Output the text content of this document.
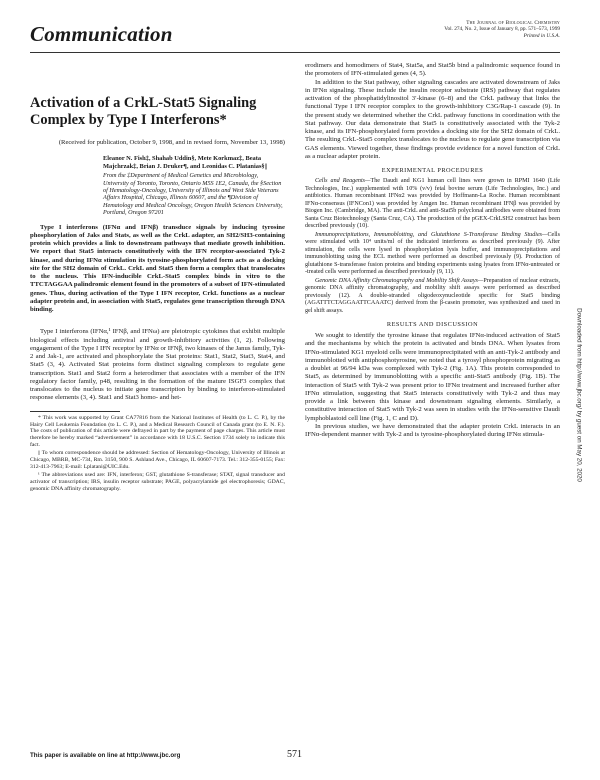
Communication	The Journal of Biological Chemistry
Vol. 274, No. 2, Issue of January 8, pp. 571–573, 1999
Printed in U.S.A.
Activation of a CrkL-Stat5 Signaling Complex by Type I Interferons*
(Received for publication, October 9, 1998, and in revised form, November 13, 1998)
Eleanor N. Fish‡, Shahab Uddin§, Mete Korkmaz‡, Beata Majchrzak‡, Brian J. Druker¶, and Leonidas C. Platanias§||
From the ‡Department of Medical Genetics and Microbiology, University of Toronto, Toronto, Ontario M5S 1E2, Canada, the §Section of Hematology-Oncology, University of Illinois and West Side Veterans Affairs Hospital, Chicago, Illinois 60607, and the ¶Division of Hematology and Medical Oncology, Oregon Health Sciences University, Portland, Oregon 97201

Type I interferons (IFNα and IFNβ) transduce signals by inducing tyrosine phosphorylation of Jaks and Stats, as well as the CrkL adapter, an SH2/SH3-containing protein which provides a link to downstream pathways that mediate growth inhibition. We report that Stat5 interacts constitutively with the IFN receptor-associated Tyk-2 kinase, and during IFNα stimulation its tyrosine-phosphorylated form acts as a docking site for the SH2 domain of CrkL. CrkL and Stat5 then form a complex that translocates to the nucleus. This IFN-inducible CrkL-Stat5 complex binds in vitro to the TTCTAGGAA palindromic element found in the promoters of a subset of IFN-stimulated genes. Thus, during activation of the Type I IFN receptor, CrkL functions as a nuclear adapter protein and, in association with Stat5, regulates gene transcription through DNA binding.

Type I interferons (IFNα,¹ IFNβ, and IFNω) are pleiotropic cytokines that exhibit multiple biological effects including antiviral and growth-inhibitory activities (1, 2). Following engagement of the Type I IFN receptor by IFNα or IFNβ, two kinases of the Janus family, Tyk-2 and Jak-1, are activated and phosphorylate the Stat proteins: Stat1, Stat2, Stat3, Stat4, and Stat5 (3, 4). Activated Stat proteins form distinct signaling complexes to regulate gene transcription. Stat1 and Stat2 form a heterodimer that associates with a member of the IFN regulatory factor family, p48, resulting in the formation of the mature ISGF3 complex that translocates to the nucleus to initiate gene transcription by binding to interferon-stimulated response elements (3, 4). Stat1 and Stat3 homo- and het-

* This work was supported by Grant CA77816 from the National Institutes of Health (to L. C. P.), by the Hairy Cell Leukemia Foundation (to L. C. P.), and a Medical Research Council of Canada grant (to E. N. F.). The costs of publication of this article were defrayed in part by the payment of page charges. This article must therefore be hereby marked “advertisement” in accordance with 18 U.S.C. Section 1734 solely to indicate this fact.

|| To whom correspondence should be addressed: Section of Hematology-Oncology, University of Illinois at Chicago, MBRB, MC-734, Rm. 3150, 900 S. Ashland Ave., Chicago, IL 60607-7173. Tel.: 312-355-0155; Fax: 312-413-7963; E-mail: Lplatani@UIC.Edu.

¹ The abbreviations used are: IFN, interferon; GST, glutathione S-transferase; STAT, signal transducer and activator of transcription; IRS, insulin receptor substrate; PAGE, polyacrylamide gel electrophoresis; GDAC, genomic DNA affinity chromatography.

erodimers and homodimers of Stat4, Stat5a, and Stat5b bind a palindromic sequence found in the promoters of IFN-stimulated genes (4, 5).

In addition to the Stat pathway, other signaling cascades are activated downstream of Jaks in IFNα signaling. These include the insulin receptor substrate (IRS) pathway that regulates activation of the phosphatidylinositol 3′-kinase (6–8) and the CrkL pathway that links the functional Type I IFN receptor complex to the growth-inhibitory C3G/Rap-1 cascade (9). In the present study we determined whether the CrkL pathway functions in coordination with the Stat pathway. Our data demonstrate that Stat5 is constitutively associated with the Tyk-2 kinase, and its IFN-phosphorylated form provides a docking site for the SH2 domain of CrkL. The resulting CrkL-Stat5 complex translocates to the nucleus to regulate gene transcription via GAS elements. Viewed together, these findings provide evidence for a novel function of CrkL as a nuclear adapter protein.

EXPERIMENTAL PROCEDURES

Cells and Reagents—The Daudi and KG1 human cell lines were grown in RPMI 1640 (Life Technologies, Inc.) supplemented with 10% (v/v) fetal bovine serum (Life Technologies, Inc.) and antibiotics. Human recombinant IFNα2 was provided by Hoffmann-La Roche. Human recombinant IFNα-consensus (IFNCon1) was provided by Amgen Inc. Human recombinant IFNβ was provided by Biogen Inc. (Cambridge, MA). The anti-CrkL and anti-Stat5b polyclonal antibodies were obtained from Santa Cruz Biotechnology (Santa Cruz, CA). The production of the pGEX-CrkLSH2 construct has been described previously (10).

Immunoprecipitations, Immunoblotting, and Glutathione S-Transferase Binding Studies—Cells were stimulated with 10⁴ units/ml of the indicated interferons as described previously (9). After stimulation, the cells were lysed in phosphorylation lysis buffer, and immunoprecipitations and immunoblotting using the ECL method were performed as described previously (9). Production of glutathione S-transferase fusion proteins and binding experiments using lysates from IFNα-untreated or -treated cells were performed as described previously (9, 11).

Genomic DNA Affinity Chromatography and Mobility Shift Assays—Preparation of nuclear extracts, genomic DNA affinity chromatography, and mobility shift assays were performed as described previously (12). A double-stranded oligodeoxynucleotide specific for Stat5 binding (AGATTTCTAGGAATTCAAATC) derived from the β-casein promoter, was synthesized and used in gel shift assays.

RESULTS AND DISCUSSION

We sought to identify the tyrosine kinase that regulates IFNα-induced activation of Stat5 and the mechanisms by which the protein is activated and binds DNA. When lysates from IFNα-stimulated KG1 myeloid cells were immunoprecipitated with an anti-Tyk-2 antibody and immunoblotted with antiphosphotyrosine, we noted that a tyrosyl phosphoprotein migrating as a doublet at 96/94 kDa was complexed with Tyk-2 (Fig. 1A). This protein corresponded to Stat5, as determined by immunoblotting with a specific anti-Stat5 antibody (Fig. 1B). The interaction of Stat5 with Tyk-2 was present prior to IFNα treatment and increased further after IFNα stimulation, suggesting that Stat5 interacts constitutively with Tyk-2 and thus may provide a link between this kinase and downstream signaling elements. Similarly, a constitutive interaction of Stat5 with Tyk-2 was seen in studies with the IFNα-sensitive Daudi lymphoblastoid cell line (Fig. 1, C and D).

In previous studies, we have demonstrated that the adapter protein CrkL interacts in an IFNα-dependent manner with Tyk-2 and is tyrosine-phosphorylated during IFNα stimula-	Downloaded from http://www.jbc.org/ by guest on May 20, 2020
This paper is available on line at http://www.jbc.org	571
